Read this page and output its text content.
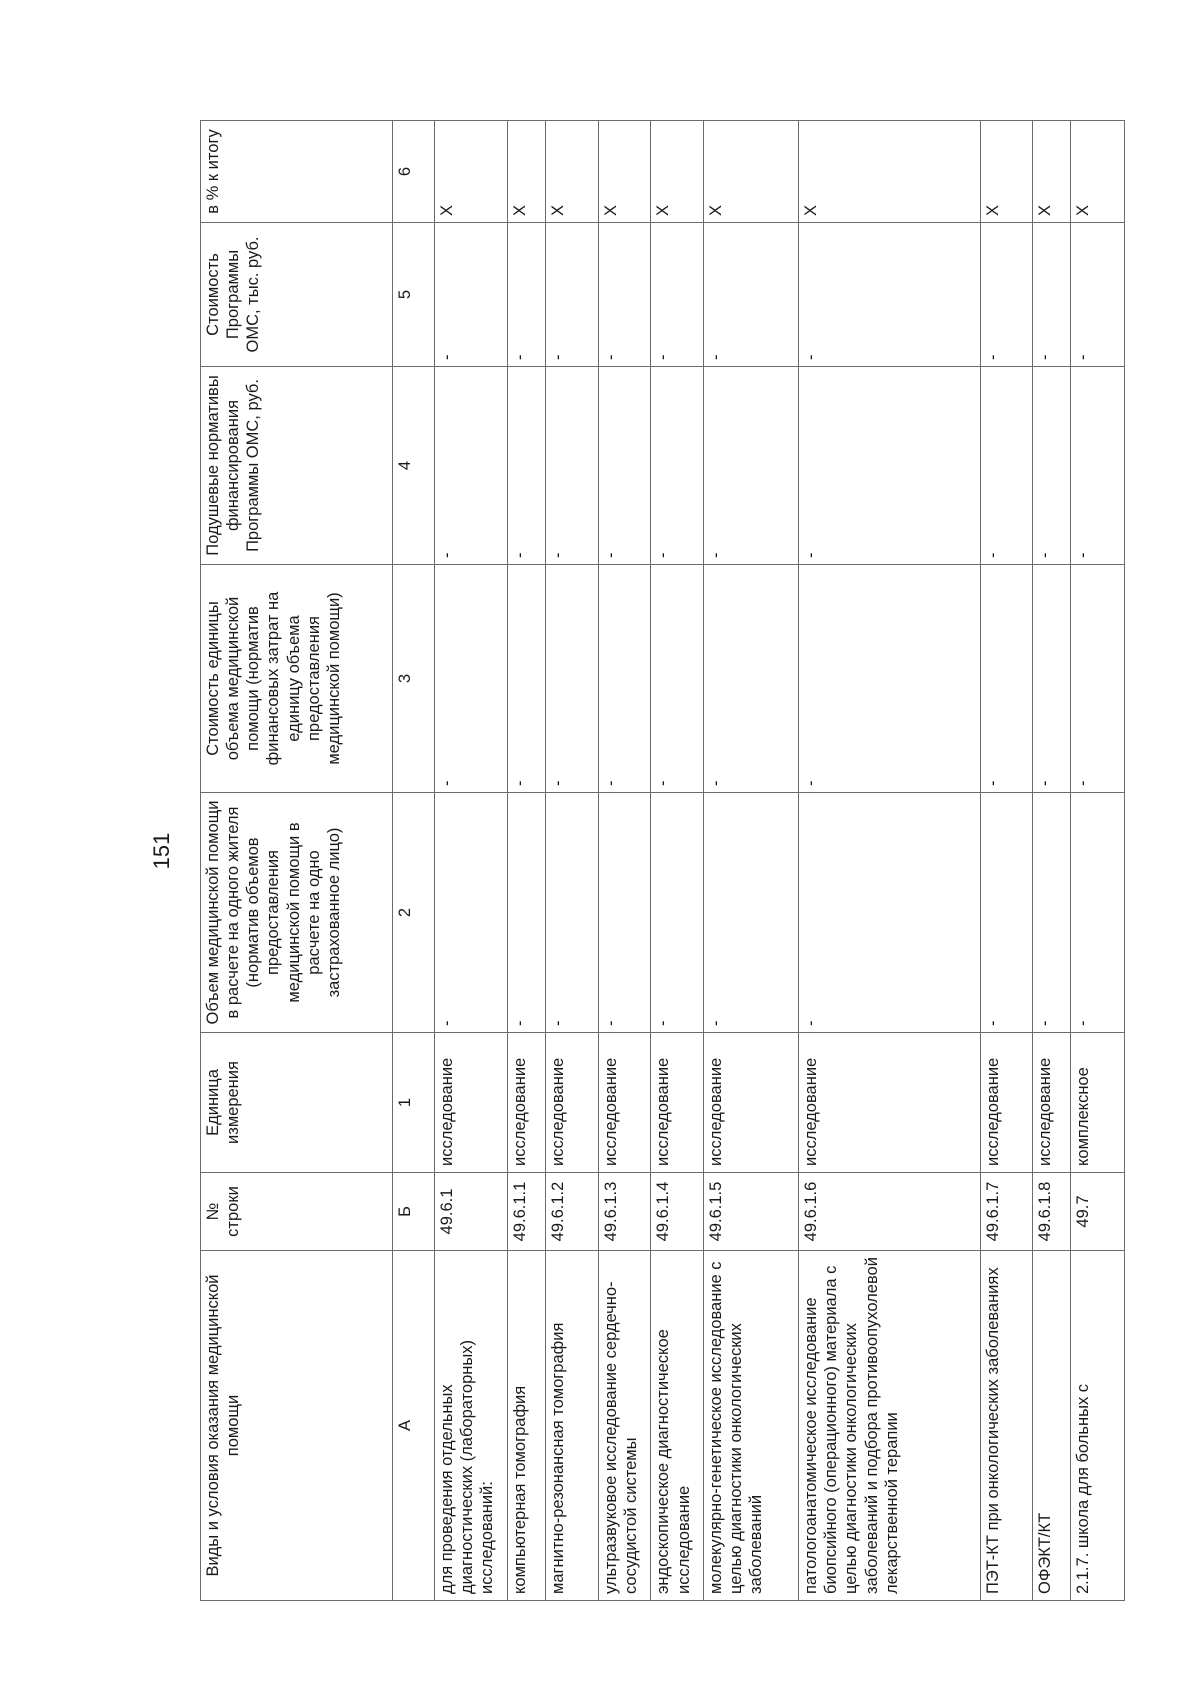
151
Виды и условия оказания медицинской помощи	№ строки	Единица измерения	Объем медицинской помощи в расчете на одного жителя (норматив объемов предоставления медицинской помощи в расчете на одно застрахованное лицо)	Стоимость единицы объема медицинской помощи (норматив финансовых затрат на единицу объема предоставления медицинской помощи)	Подушевые нормативы финансирования Программы ОМС, руб.	Стоимость Программы ОМС, тыс. руб.	в % к итогу
А	Б	1	2	3	4	5	6
для проведения отдельных диагностических (лабораторных) исследований:	49.6.1	исследование	-	-	-	-	X
компьютерная томография	49.6.1.1	исследование	-	-	-	-	X
магнитно-резонансная томография	49.6.1.2	исследование	-	-	-	-	X
ультразвуковое исследование сердечно-сосудистой системы	49.6.1.3	исследование	-	-	-	-	X
эндоскопическое диагностическое исследование	49.6.1.4	исследование	-	-	-	-	X
молекулярно-генетическое исследование с целью диагностики онкологических заболеваний	49.6.1.5	исследование	-	-	-	-	X
патологоанатомическое исследование биопсийного (операционного) материала с целью диагностики онкологических заболеваний и подбора противоопухолевой лекарственной терапии	49.6.1.6	исследование	-	-	-	-	X
ПЭТ-КТ при онкологических заболеваниях	49.6.1.7	исследование	-	-	-	-	X
ОФЭКТ/КТ	49.6.1.8	исследование	-	-	-	-	X
2.1.7. школа для больных с	49.7	комплексное	-	-	-	-	X
